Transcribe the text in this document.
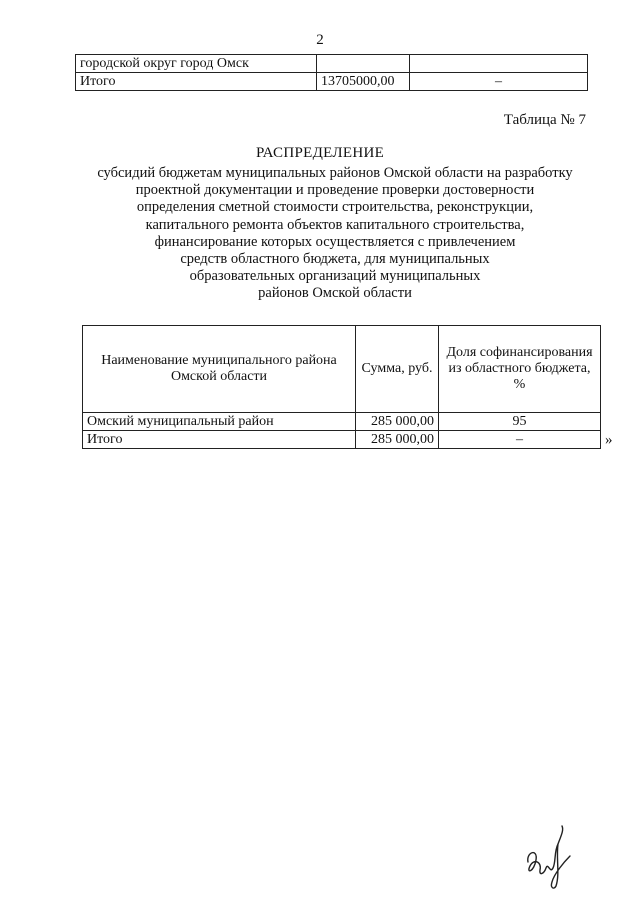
2
городской округ город Омск		
Итого	13705000,00	–
Таблица № 7
РАСПРЕДЕЛЕНИЕ
субсидий бюджетам муниципальных районов Омской области на разработку
проектной документации и проведение проверки достоверности
определения сметной стоимости строительства, реконструкции,
капитального ремонта объектов капитального строительства,
финансирование которых осуществляется с привлечением
средств областного бюджета, для муниципальных
образовательных организаций муниципальных
районов Омской области
Наименование муниципального района Омской области	Сумма, руб.	Доля софинансирования из областного бюджета, %
Омский муниципальный район	285 000,00	95
Итого	285 000,00	–	»
